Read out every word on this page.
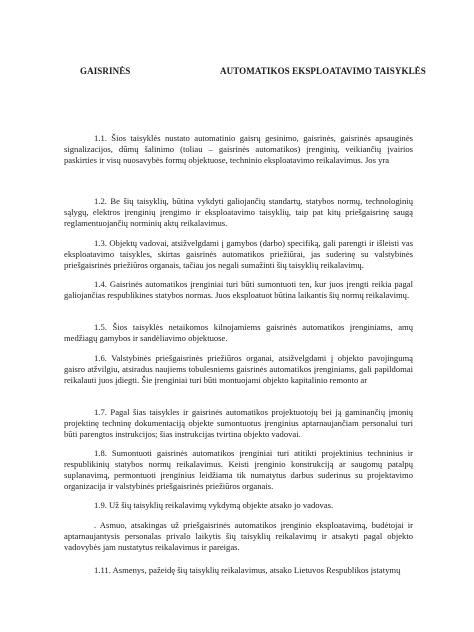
GAISRINĖS	AUTOMATIKOS EKSPLOATAVIMO TAISYKLĖS

1.1. Šios taisyklės nustato automatinio gaisrų gesinimo, gaisrinės, gaisrinės apsauginės signalizacijos, dūmų šalinimo (toliau – gaisrinės automatikos) įrenginių, veikiančių įvairios paskirties ir visų nuosavybės formų objektuose, techninio eksploatavimo reikalavimus. Jos yra

1.2. Be šių taisyklių, būtina vykdyti galiojančių standartų, statybos normų, technologinių sąlygų, elektros įrenginių įrengimo ir eksploatavimo taisyklių, taip pat kitų priešgaisrinę saugą reglamentuojančių norminių aktų reikalavimus.

1.3. Objektų vadovai, atsižvelgdami į gamybos (darbo) specifiką, gali parengti ir išleisti vas eksploatavimo taisykles, skirtas gaisrinės automatikos priežiūrai, jas suderinę su valstybinės priešgaisrinės priežiūros organais, tačiau jos negali sumažinti šių taisyklių reikalavimų.

1.4. Gaisrinės automatikos įrenginiai turi būti sumontuoti ten, kur juos įrengti reikia pagal galiojančias respublikines statybos normas. Juos eksploatuot būtina laikantis šių normų reikalavimų.

1.5. Šios taisyklės netaikomos kilnojamiems gaisrinės automatikos įrenginiams, amų medžiagų gamybos ir sandėliavimo objektuose.

1.6. Valstybinės priešgaisrinės priežiūros organai, atsižvelgdami į objekto pavojingumą gaisro atžvilgiu, atsiradus naujiems tobulesniems gaisrinės automatikos įrenginiams, gali papildomai reikalauti juos įdiegti. Šie įrenginiai turi būti montuojami objekto kapitalinio remonto ar

1.7. Pagal šias taisykles ir gaisrinės automatikos projektuotojų bei ją gaminančių įmonių projektinę techninę dokumentaciją objekte sumontuotus įrenginius aptarnaujančiam personalui turi būti parengtos instrukcijos; šias instrukcijas tvirtina objekto vadovai.

1.8. Sumontuoti gaisrinės automatikos įrenginiai turi atitikti projektinius techninius ir respublikinių statybos normų reikalavimus. Keisti įrenginio konstrukciją ar saugomų patalpų suplanavimą, permontuoti įrenginius leidžiama tik numatytus darbus suderinus su projektavimo organizacija ir valstybinės priešgaisrinės priežiūros organais.

1.9. Už šių taisyklių reikalavimų vykdymą objekte atsako jo vadovas.

. Asmuo, atsakingas už priešgaisrinės automatikos įrenginio eksploatavimą, budėtojai ir aptarnaujantysis personalas privalo laikytis šių taisyklių reikalavimų ir atsakyti pagal objekto vadovybės jam nustatytus reikalavimus ir pareigas.

1.11. Asmenys, pažeidę šių taisyklių reikalavimus, atsako Lietuvos Respublikos įstatymų
